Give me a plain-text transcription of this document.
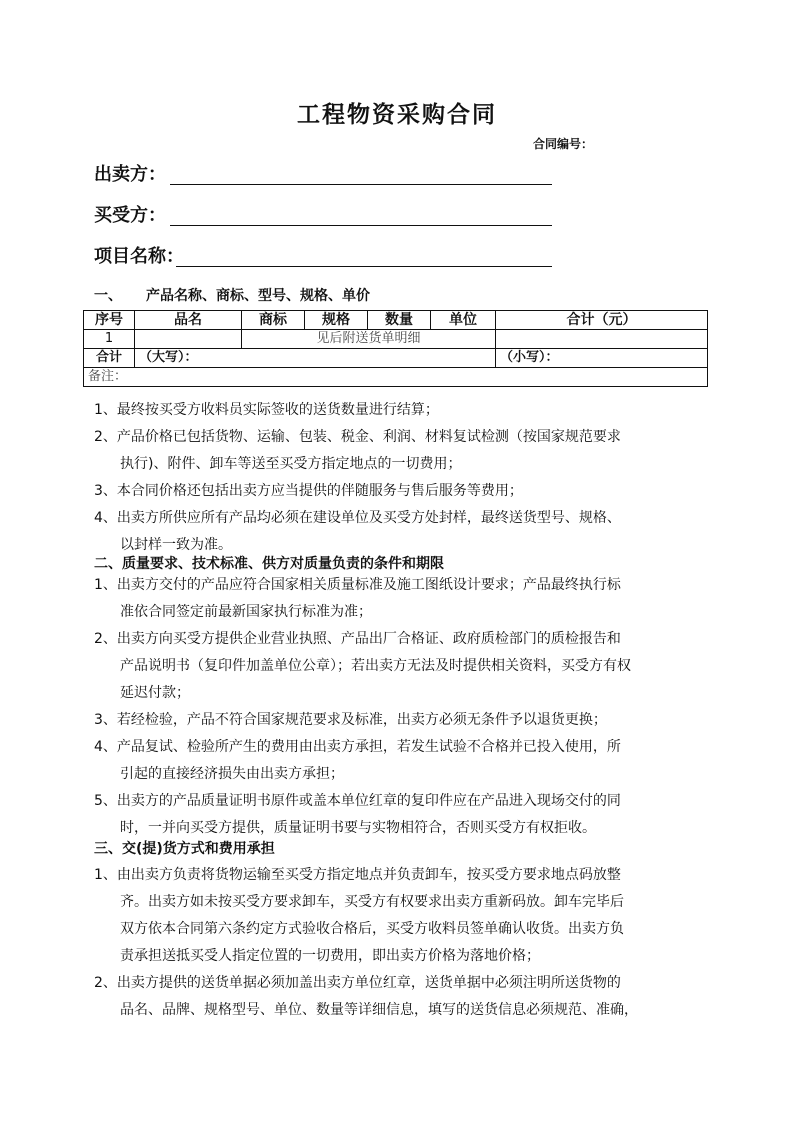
工程物资采购合同
合同编号：
出卖方：
买受方：
项目名称：
一、 产品名称、商标、型号、规格、单价
序号	品名	商标	规格	数量	单位	合计（元）
1		见后附送货单明细				
合计	（大写）：					（小写）：
备注：						
1、最终按买受方收料员实际签收的送货数量进行结算；
2、产品价格已包括货物、运输、包装、税金、利润、材料复试检测（按国家规范要求
执行)、附件、卸车等送至买受方指定地点的一切费用；
3、本合同价格还包括出卖方应当提供的伴随服务与售后服务等费用；
4、出卖方所供应所有产品均必须在建设单位及买受方处封样，最终送货型号、规格、
以封样一致为准。
二、质量要求、技术标准、供方对质量负责的条件和期限
1、出卖方交付的产品应符合国家相关质量标准及施工图纸设计要求；产品最终执行标
准依合同签定前最新国家执行标准为准；
2、出卖方向买受方提供企业营业执照、产品出厂合格证、政府质检部门的质检报告和
产品说明书（复印件加盖单位公章）；若出卖方无法及时提供相关资料，买受方有权
延迟付款；
3、若经检验，产品不符合国家规范要求及标准，出卖方必须无条件予以退货更换；
4、产品复试、检验所产生的费用由出卖方承担，若发生试验不合格并已投入使用，所
引起的直接经济损失由出卖方承担；
5、出卖方的产品质量证明书原件或盖本单位红章的复印件应在产品进入现场交付的同
时，一并向买受方提供，质量证明书要与实物相符合，否则买受方有权拒收。
三、交(提)货方式和费用承担
1、由出卖方负责将货物运输至买受方指定地点并负责卸车，按买受方要求地点码放整
齐。出卖方如未按买受方要求卸车，买受方有权要求出卖方重新码放。卸车完毕后
双方依本合同第六条约定方式验收合格后，买受方收料员签单确认收货。出卖方负
责承担送抵买受人指定位置的一切费用，即出卖方价格为落地价格；
2、出卖方提供的送货单据必须加盖出卖方单位红章，送货单据中必须注明所送货物的
品名、品牌、规格型号、单位、数量等详细信息，填写的送货信息必须规范、准确，
